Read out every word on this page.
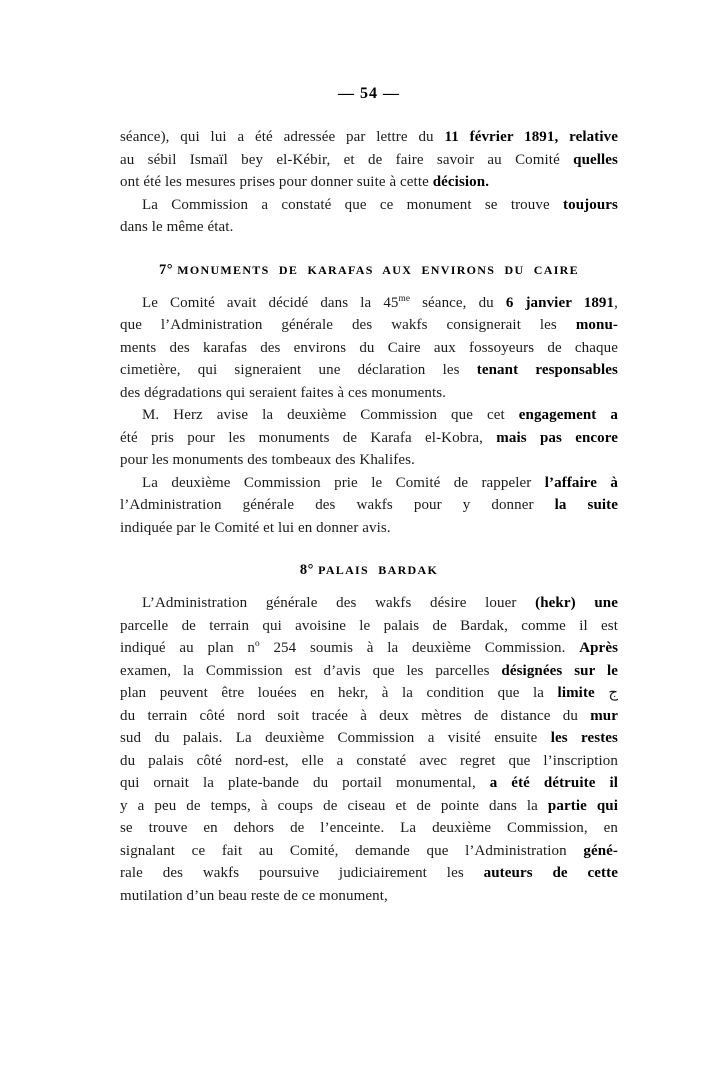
— 54 —
séance), qui lui a été adressée par lettre du 11 février 1891, relative
au sébil Ismaïl bey el-Kébir, et de faire savoir au Comité quelles
ont été les mesures prises pour donner suite à cette décision.
La Commission a constaté que ce monument se trouve toujours
dans le même état.
7° MONUMENTS DE KARAFAS AUX ENVIRONS DU CAIRE
Le Comité avait décidé dans la $45^{me}$ séance, du 6 janvier 1891,
que l’Administration générale des wakfs consignerait les monu-
ments des karafas des environs du Caire aux fossoyeurs de chaque
cimetière, qui signeraient une déclaration les tenant responsables
des dégradations qui seraient faites à ces monuments.
M. Herz avise la deuxième Commission que cet engagement a
été pris pour les monuments de Karafa el-Kobra, mais pas encore
pour les monuments des tombeaux des Khalifes.
La deuxième Commission prie le Comité de rappeler l’affaire à
l’Administration générale des wakfs pour y donner la suite
indiquée par le Comité et lui en donner avis.
8° PALAIS BARDAK
L’Administration générale des wakfs désire louer (hekr) une
parcelle de terrain qui avoisine le palais de Bardak, comme il est
indiqué au plan $n^o$ 254 soumis à la deuxième Commission. Après
examen, la Commission est d’avis que les parcelles désignées sur le
plan peuvent être louées en hekr, à la condition que la limite ج
du terrain côté nord soit tracée à deux mètres de distance du mur
sud du palais. La deuxième Commission a visité ensuite les restes
du palais côté nord-est, elle a constaté avec regret que l’inscription
qui ornait la plate-bande du portail monumental, a été détruite il
y a peu de temps, à coups de ciseau et de pointe dans la partie qui
se trouve en dehors de l’enceinte. La deuxième Commission, en
signalant ce fait au Comité, demande que l’Administration géné-
rale des wakfs poursuive judiciairement les auteurs de cette
mutilation d’un beau reste de ce monument,
